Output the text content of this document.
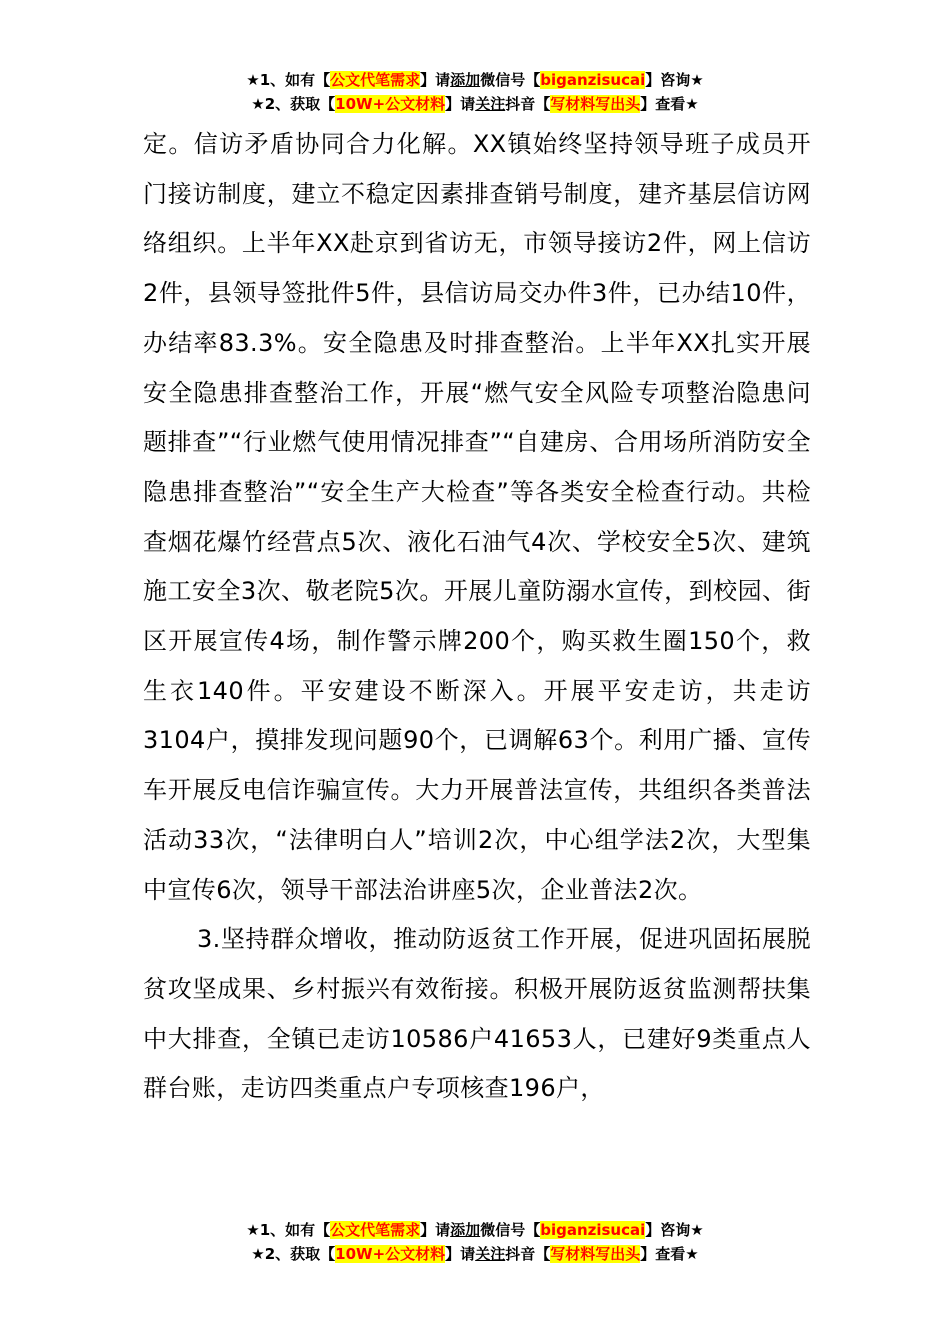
★1、如有【公文代笔需求】请添加微信号【biganzisucai】咨询★
★2、获取【10W+公文材料】请关注抖音【写材料写出头】查看★

定。信访矛盾协同合力化解。XX镇始终坚持领导班子成员开门接访制度，建立不稳定因素排查销号制度，建齐基层信访网络组织。上半年XX赴京到省访无，市领导接访2件，网上信访2件，县领导签批件5件，县信访局交办件3件，已办结10件，办结率83.3%。安全隐患及时排查整治。上半年XX扎实开展安全隐患排查整治工作，开展“燃气安全风险专项整治隐患问题排查”“行业燃气使用情况排查”“自建房、合用场所消防安全隐患排查整治”“安全生产大检查”等各类安全检查行动。共检查烟花爆竹经营点5次、液化石油气4次、学校安全5次、建筑施工安全3次、敬老院5次。开展儿童防溺水宣传，到校园、街区开展宣传4场，制作警示牌200个，购买救生圈150个，救生衣140件。平安建设不断深入。开展平安走访，共走访3104户，摸排发现问题90个，已调解63个。利用广播、宣传车开展反电信诈骗宣传。大力开展普法宣传，共组织各类普法活动33次，“法律明白人”培训2次，中心组学法2次，大型集中宣传6次，领导干部法治讲座5次，企业普法2次。

3.坚持群众增收，推动防返贫工作开展，促进巩固拓展脱贫攻坚成果、乡村振兴有效衔接。积极开展防返贫监测帮扶集中大排查，全镇已走访10586户41653人，已建好9类重点人群台账，走访四类重点户专项核查196户，

★1、如有【公文代笔需求】请添加微信号【biganzisucai】咨询★
★2、获取【10W+公文材料】请关注抖音【写材料写出头】查看★
